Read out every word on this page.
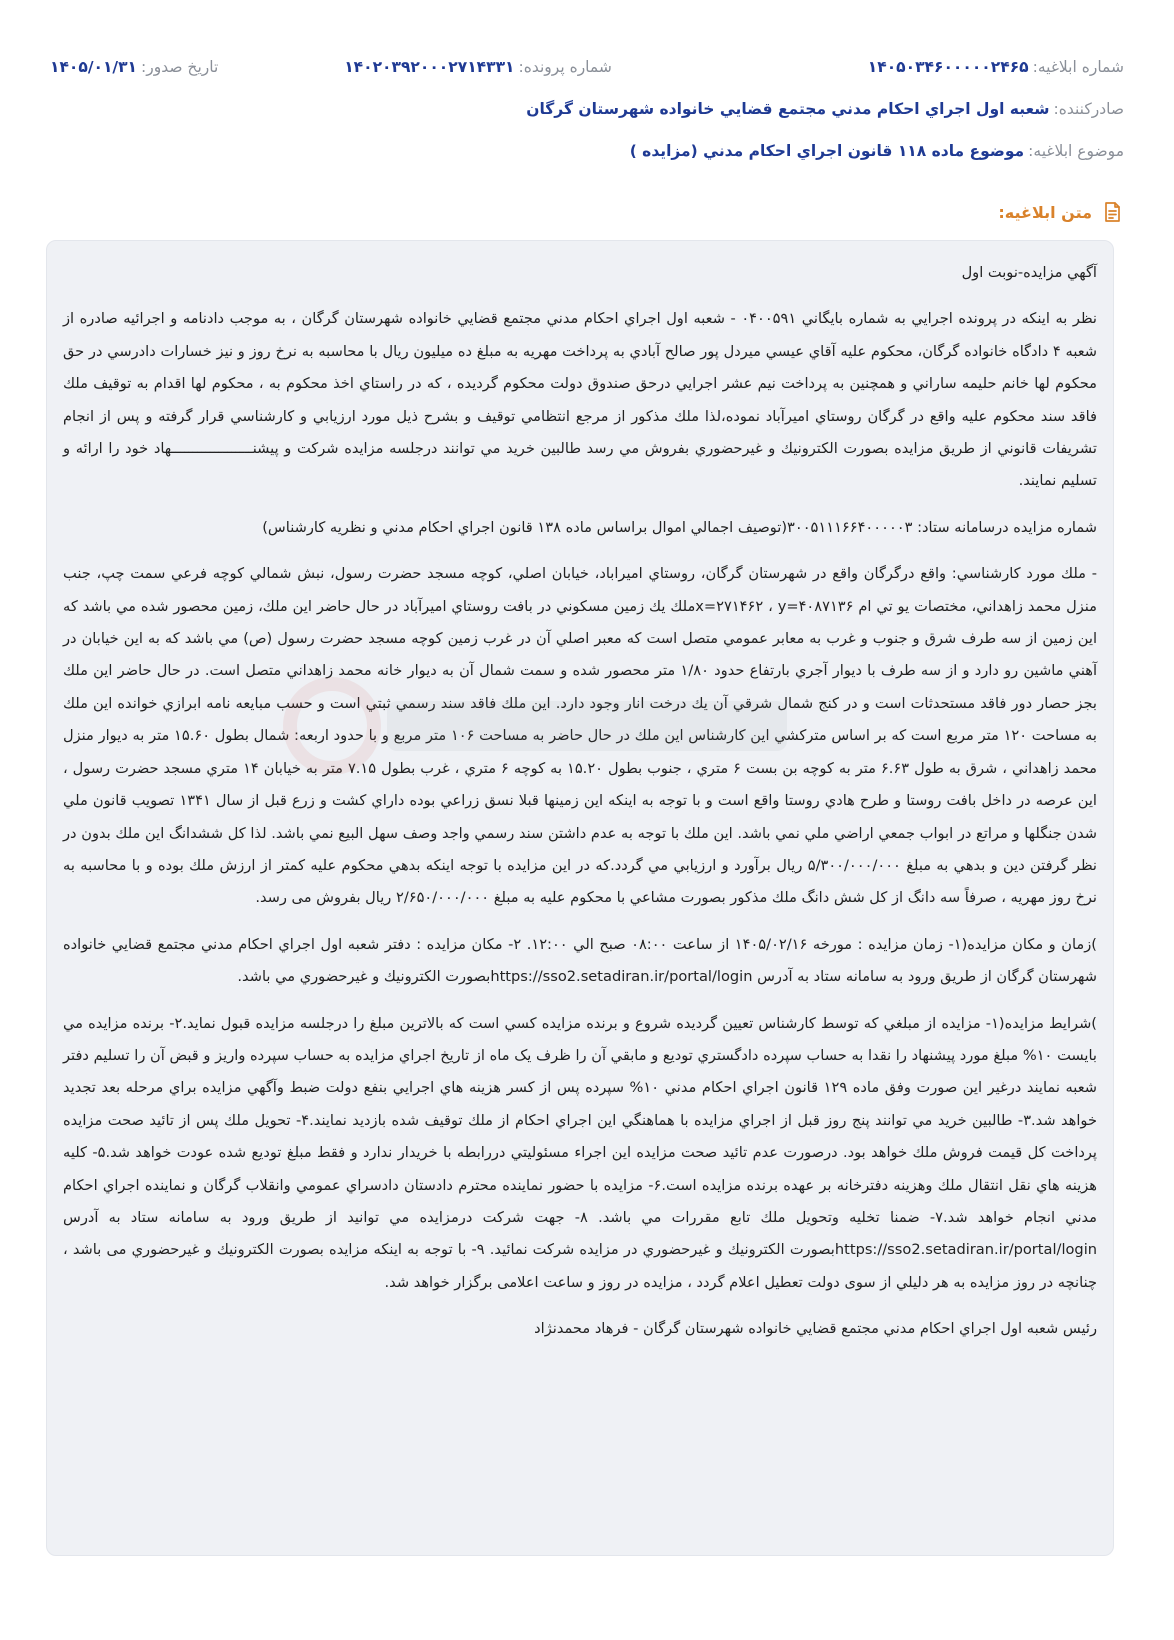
شماره ابلاغیه:
۱۴۰۵۰۳۴۶۰۰۰۰۰۲۴۶۵
شماره پرونده:
۱۴۰۲۰۳۹۲۰۰۰۲۷۱۴۳۳۱
تاریخ صدور:
۱۴۰۵/۰۱/۳۱
صادرکننده:
شعبه اول اجراي احكام مدني مجتمع قضايي خانواده شهرستان گرگان
موضوع ابلاغیه:
موضوع ماده ۱۱۸ قانون اجراي احكام مدني (مزايده )
متن ابلاغیه:

آگهي مزايده-نوبت اول

نظر به اينكه در پرونده اجرايي به شماره بايگاني ۰۴۰۰۵۹۱ - شعبه اول اجراي احكام مدني مجتمع قضايي خانواده شهرستان گرگان ، به موجب دادنامه و اجرائيه صادره از شعبه ۴ دادگاه خانواده گرگان، محكوم عليه آقاي عيسي ميردل پور صالح آبادي به پرداخت مهريه به مبلغ ده ميليون ريال با محاسبه به نرخ روز و نيز خسارات دادرسي در حق محكوم لها خانم حليمه ساراني و همچنين به پرداخت نيم عشر اجرايي درحق صندوق دولت محكوم گرديده ، كه در راستاي اخذ محكوم به ، محكوم لها اقدام به توقيف ملك فاقد سند محكوم عليه واقع در گرگان روستاي اميرآباد نموده،لذا ملك مذكور از مرجع انتظامي توقيف و بشرح ذيل مورد ارزيابي و كارشناسي قرار گرفته و پس از انجام تشريفات قانوني از طريق مزايده بصورت الكترونيك و غيرحضوري بفروش مي رسد طالبين خريد مي توانند درجلسه مزايده شركت و پيشنـــــــــــــــــــهاد خود را ارائه و تسليم نمايند.

شماره مزايده درسامانه ستاد: ۳۰۰۵۱۱۱۶۶۴۰۰۰۰۰۳(توصيف اجمالي اموال براساس ماده ۱۳۸ قانون اجراي احكام مدني و نظريه كارشناس)

- ملك مورد كارشناسي: واقع درگرگان واقع در شهرستان گرگان، روستاي اميراباد، خيابان اصلي، كوچه مسجد حضرت رسول، نبش شمالي كوچه فرعي سمت چپ، جنب منزل محمد زاهداني، مختصات يو تي ام x=۲۷۱۴۶۲ ، y=۴۰۸۷۱۳۶ملك يك زمين مسكوني در بافت روستاي اميرآباد در حال حاضر اين ملك، زمين محصور شده مي باشد كه اين زمين از سه طرف شرق و جنوب و غرب به معابر عمومي متصل است كه معبر اصلي آن در غرب زمين كوچه مسجد حضرت رسول (ص) مي باشد كه به اين خيابان در آهني ماشين رو دارد و از سه طرف با ديوار آجري بارتفاع حدود ۱/۸۰ متر محصور شده و سمت شمال آن به ديوار خانه محمد زاهداني متصل است. در حال حاضر اين ملك بجز حصار دور فاقد مستحدثات است و در كنج شمال شرقي آن يك درخت انار وجود دارد. اين ملك فاقد سند رسمي ثبتي است و حسب مبايعه نامه ابرازي خوانده اين ملك به مساحت ۱۲۰ متر مربع است كه بر اساس متركشي اين كارشناس اين ملك در حال حاضر به مساحت ۱۰۶ متر مربع و با حدود اربعه: شمال بطول ۱۵.۶۰ متر به ديوار منزل محمد زاهداني ، شرق به طول ۶.۶۳ متر به كوچه بن بست ۶ متري ، جنوب بطول ۱۵.۲۰ به كوچه ۶ متري ، غرب بطول ۷.۱۵ متر به خيابان ۱۴ متري مسجد حضرت رسول ، اين عرصه در داخل بافت روستا و طرح هادي روستا واقع است و با توجه به اينكه اين زمينها قبلا نسق زراعي بوده داراي كشت و زرع قبل از سال ۱۳۴۱ تصويب قانون ملي شدن جنگلها و مراتع در ابواب جمعي اراضي ملي نمي باشد. اين ملك با توجه به عدم داشتن سند رسمي واجد وصف سهل البيع نمي باشد. لذا كل ششدانگ اين ملك بدون در نظر گرفتن دين و بدهي به مبلغ ۵/۳۰۰/۰۰۰/۰۰۰ ريال برآورد و ارزيابي مي گردد.كه در اين مزايده با توجه اينكه بدهي محكوم عليه كمتر از ارزش ملك بوده و با محاسبه به نرخ روز مهريه ، صرفاً سه دانگ از كل شش دانگ ملك مذكور بصورت مشاعي با محكوم عليه به مبلغ ۲/۶۵۰/۰۰۰/۰۰۰ ريال بفروش می رسد.

)زمان و مكان مزايده(۱- زمان مزايده : مورخه ۱۴۰۵/۰۲/۱۶ از ساعت ۰۸:۰۰ صبح الي ۱۲:۰۰. ۲- مكان مزايده : دفتر شعبه اول اجراي احكام مدني مجتمع قضايي خانواده شهرستان گرگان از طريق ورود به سامانه ستاد به آدرس https://sso2.setadiran.ir/portal/loginبصورت الكترونيك و غيرحضوري مي باشد.

)شرايط مزايده(۱- مزايده از مبلغي كه توسط كارشناس تعيين گرديده شروع و برنده مزايده كسي است كه بالاترين مبلغ را درجلسه مزايده قبول نمايد.۲- برنده مزايده مي بايست ۱۰% مبلغ مورد پيشنهاد را نقدا به حساب سپرده دادگستري توديع و مابقي آن را ظرف يک ماه از تاريخ اجراي مزايده به حساب سپرده واريز و قبض آن را تسليم دفتر شعبه نمايند درغير اين صورت وفق ماده ۱۲۹ قانون اجراي احكام مدني ۱۰% سپرده پس از كسر هزينه هاي اجرايي بنفع دولت ضبط وآگهي مزايده براي مرحله بعد تجديد خواهد شد.۳- طالبين خريد مي توانند پنج روز قبل از اجراي مزايده با هماهنگي اين اجراي احكام از ملك توقيف شده بازديد نمايند.۴- تحويل ملك پس از تائيد صحت مزايده پرداخت كل قيمت فروش ملك خواهد بود. درصورت عدم تائيد صحت مزايده اين اجراء مسئوليتي دررابطه با خريدار ندارد و فقط مبلغ توديع شده عودت خواهد شد.۵- كليه هزينه هاي نقل انتقال ملك وهزينه دفترخانه بر عهده برنده مزايده است.۶- مزايده با حضور نماينده محترم دادستان دادسراي عمومي وانقلاب گرگان و نماينده اجراي احكام مدني انجام خواهد شد.۷- ضمنا تخليه وتحويل ملك تابع مقررات مي باشد. ۸- جهت شركت درمزايده مي توانيد از طريق ورود به سامانه ستاد به آدرس https://sso2.setadiran.ir/portal/loginبصورت الكترونيك و غيرحضوري در مزايده شركت نمائيد. ۹- با توجه به اينكه مزايده بصورت الكترونيك و غيرحضوري می باشد ، چنانچه در روز مزايده به هر دليلي از سوی دولت تعطيل اعلام گردد ، مزايده در روز و ساعت اعلامی برگزار خواهد شد.

رئيس شعبه اول اجراي احكام مدني مجتمع قضايي خانواده شهرستان گرگان - فرهاد محمدنژاد
